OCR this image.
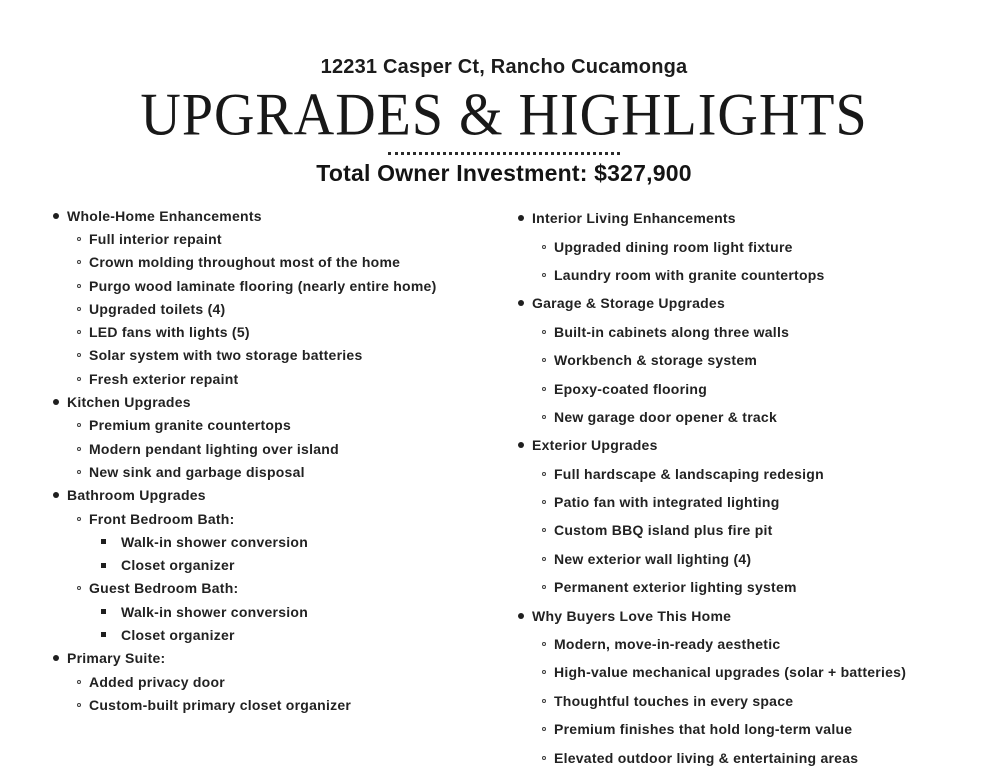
12231 Casper Ct, Rancho Cucamonga
UPGRADES & HIGHLIGHTS
Total Owner Investment: $327,900
Whole-Home Enhancements
Full interior repaint
Crown molding throughout most of the home
Purgo wood laminate flooring (nearly entire home)
Upgraded toilets (4)
LED fans with lights (5)
Solar system with two storage batteries
Fresh exterior repaint
Kitchen Upgrades
Premium granite countertops
Modern pendant lighting over island
New sink and garbage disposal
Bathroom Upgrades
Front Bedroom Bath:
Walk-in shower conversion
Closet organizer
Guest Bedroom Bath:
Walk-in shower conversion
Closet organizer
Primary Suite:
Added privacy door
Custom-built primary closet organizer
Interior Living Enhancements
Upgraded dining room light fixture
Laundry room with granite countertops
Garage & Storage Upgrades
Built-in cabinets along three walls
Workbench & storage system
Epoxy-coated flooring
New garage door opener & track
Exterior Upgrades
Full hardscape & landscaping redesign
Patio fan with integrated lighting
Custom BBQ island plus fire pit
New exterior wall lighting (4)
Permanent exterior lighting system
Why Buyers Love This Home
Modern, move-in-ready aesthetic
High-value mechanical upgrades (solar + batteries)
Thoughtful touches in every space
Premium finishes that hold long-term value
Elevated outdoor living & entertaining areas
